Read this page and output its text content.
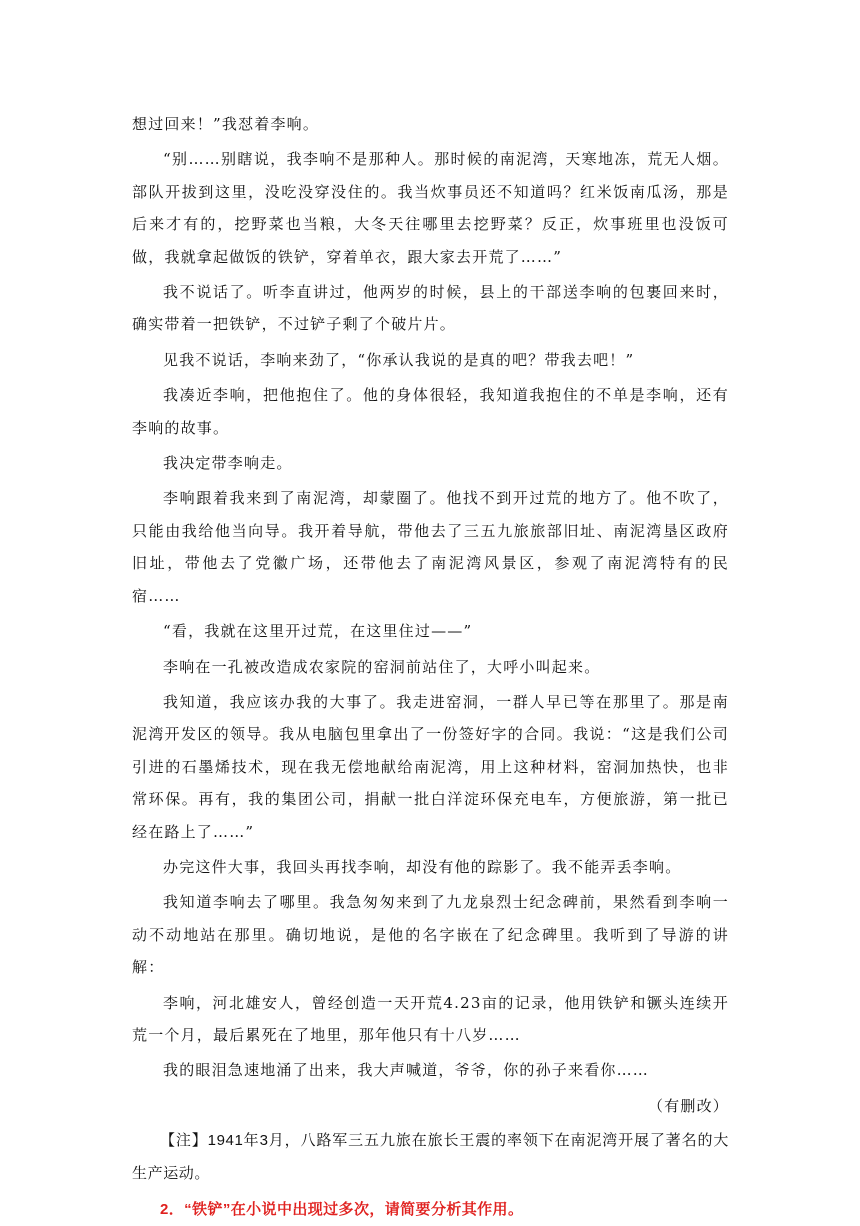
想过回来！”我怼着李响。

“别……别瞎说，我李响不是那种人。那时候的南泥湾，天寒地冻，荒无人烟。部队开拔到这里，没吃没穿没住的。我当炊事员还不知道吗？红米饭南瓜汤，那是后来才有的，挖野菜也当粮，大冬天往哪里去挖野菜？反正，炊事班里也没饭可做，我就拿起做饭的铁铲，穿着单衣，跟大家去开荒了……”

我不说话了。听李直讲过，他两岁的时候，县上的干部送李响的包裹回来时，确实带着一把铁铲，不过铲子剩了个破片片。

见我不说话，李响来劲了，“你承认我说的是真的吧？带我去吧！”

我凑近李响，把他抱住了。他的身体很轻，我知道我抱住的不单是李响，还有李响的故事。

我决定带李响走。

李响跟着我来到了南泥湾，却蒙圈了。他找不到开过荒的地方了。他不吹了，只能由我给他当向导。我开着导航，带他去了三五九旅旅部旧址、南泥湾垦区政府旧址，带他去了党徽广场，还带他去了南泥湾风景区，参观了南泥湾特有的民宿……

“看，我就在这里开过荒，在这里住过——”

李响在一孔被改造成农家院的窑洞前站住了，大呼小叫起来。

我知道，我应该办我的大事了。我走进窑洞，一群人早已等在那里了。那是南泥湾开发区的领导。我从电脑包里拿出了一份签好字的合同。我说：“这是我们公司引进的石墨烯技术，现在我无偿地献给南泥湾，用上这种材料，窑洞加热快，也非常环保。再有，我的集团公司，捐献一批白洋淀环保充电车，方便旅游，第一批已经在路上了……”

办完这件大事，我回头再找李响，却没有他的踪影了。我不能弄丢李响。

我知道李响去了哪里。我急匆匆来到了九龙泉烈士纪念碑前，果然看到李响一动不动地站在那里。确切地说，是他的名字嵌在了纪念碑里。我听到了导游的讲解：

李响，河北雄安人，曾经创造一天开荒4.23亩的记录，他用铁铲和镢头连续开荒一个月，最后累死在了地里，那年他只有十八岁……

我的眼泪急速地涌了出来，我大声喊道，爷爷，你的孙子来看你……

（有删改）

【注】1941年3月，八路军三五九旅在旅长王震的率领下在南泥湾开展了著名的大生产运动。

2．“铁铲”在小说中出现过多次，请简要分析其作用。
